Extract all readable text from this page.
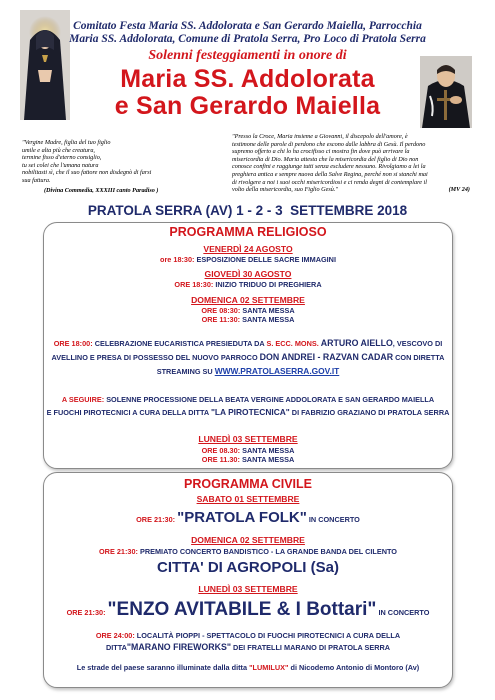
Comitato Festa Maria SS. Addolorata e San Gerardo Maiella, Parrocchia
Maria SS. Addolorata, Comune di Pratola Serra, Pro Loco di Pratola Serra
Solenni festeggiamenti in onore di
Maria SS. Addolorata
e San Gerardo Maiella
"Vergine Madre, figlia del tuo figlio
umile e alta più che creatura,
termine fisso d'eterno consiglio,
tu sei colei che l'umana natura
nobilitasti sì, che il suo fattore non disdegnò di farsi
sua fattura.
(Divina Commedia, XXXIII canto Paradiso )
"Presso la Croce, Maria insieme a Giovanni, il discepolo dell'amore, è
testimone delle parole di perdono che escono dalle labbra di Gesù. Il perdono
supremo offerto a chi lo ha crocifisso ci mostra fin dove può arrivare la
misericordia di Dio. Maria attesta che la misericordia del figlio di Dio non
conosce confini e raggiunge tutti senza escludere nessuno. Rivolgiamo a lei la
preghiera antica e sempre nuova della Salve Regina, perché non si stanchi mai
di rivolgere a noi i suoi occhi misericordiosi e ci renda degni di contemplare il
volto della misericordia, suo Figlio Gesù."	(MV 24)
PRATOLA SERRA (AV) 1 - 2 - 3  SETTEMBRE 2018
PROGRAMMA RELIGIOSO
VENERDÌ 24 AGOSTO
ore 18:30: ESPOSIZIONE DELLE SACRE IMMAGINI
GIOVEDÌ 30 AGOSTO
ORE 18:30: INIZIO TRIDUO DI PREGHIERA
DOMENICA 02 SETTEMBRE
ORE 08:30: SANTA MESSA
ORE 11:30: SANTA MESSA
ORE 18:00: CELEBRAZIONE EUCARISTICA PRESIEDUTA DA S. ECC. MONS. ARTURO AIELLO, VESCOVO DI
AVELLINO E PRESA DI POSSESSO DEL NUOVO PARROCO DON ANDREI - RAZVAN CADAR CON DIRETTA
STREAMING SU WWW.PRATOLASERRA.GOV.IT
A SEGUIRE: SOLENNE PROCESSIONE DELLA BEATA VERGINE ADDOLORATA E SAN GERARDO MAIELLA
E FUOCHI PIROTECNICI A CURA DELLA DITTA "LA PIROTECNICA" DI FABRIZIO GRAZIANO DI PRATOLA SERRA
LUNEDÌ 03 SETTEMBRE
ORE 08.30: SANTA MESSA
ORE 11.30: SANTA MESSA
PROGRAMMA CIVILE
SABATO 01 SETTEMBRE
ORE 21:30: "PRATOLA FOLK" IN CONCERTO
DOMENICA 02 SETTEMBRE
ORE 21:30: PREMIATO CONCERTO BANDISTICO - LA GRANDE BANDA DEL CILENTO
CITTA' DI AGROPOLI (Sa)
LUNEDÌ 03 SETTEMBRE
ORE 21:30: "ENZO AVITABILE & I Bottari" IN CONCERTO
ORE 24:00: LOCALITÀ PIOPPI - SPETTACOLO DI FUOCHI PIROTECNICI A CURA DELLA
DITTA"MARANO FIREWORKS" DEI FRATELLI MARANO DI PRATOLA SERRA
Le strade del paese saranno illuminate dalla ditta "LUMILUX" di Nicodemo Antonio di Montoro (Av)
